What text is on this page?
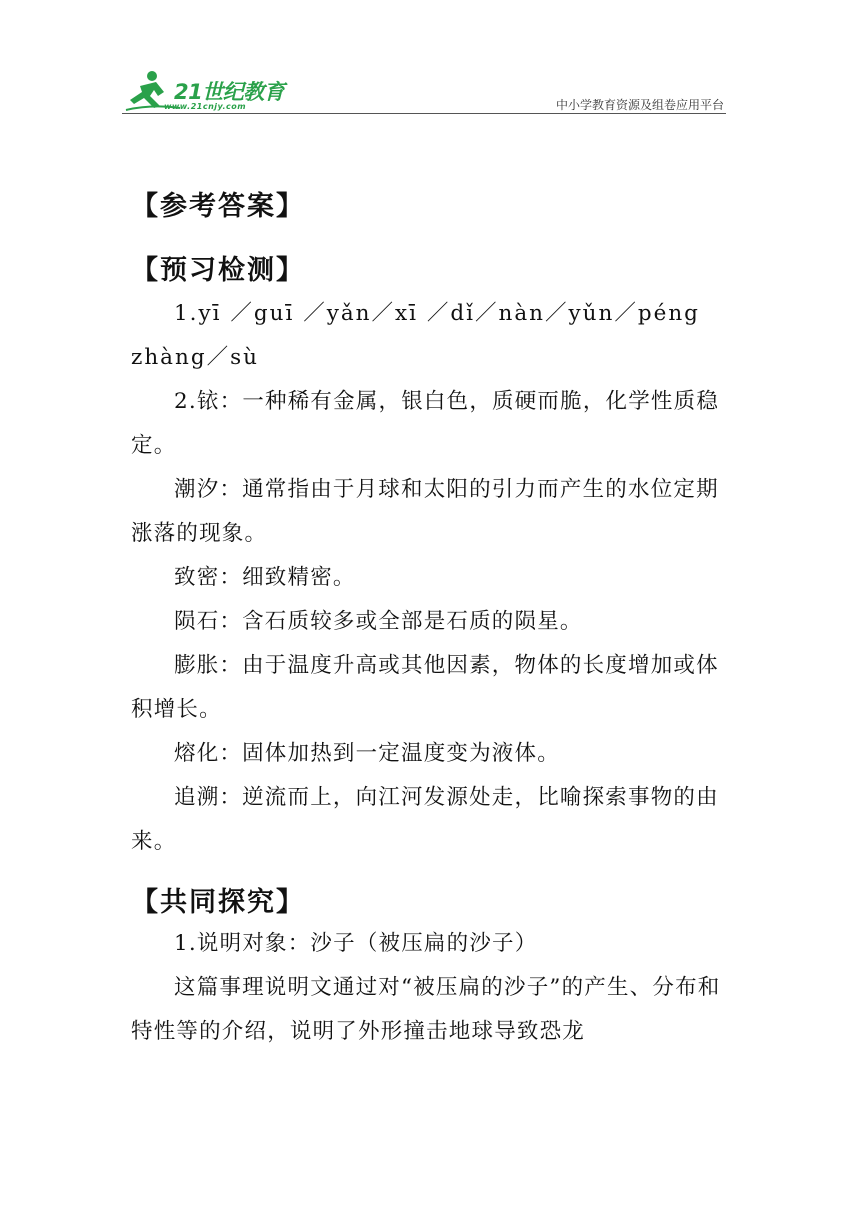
21世纪教育
www.21cnjy.com	中小学教育资源及组卷应用平台
【参考答案】
【预习检测】

1.yī ／guī ／yǎn／xī ／dǐ／nàn／yǔn／péng zhàng／sù

2.铱：一种稀有金属，银白色，质硬而脆，化学性质稳定。

潮汐：通常指由于月球和太阳的引力而产生的水位定期涨落的现象。

致密：细致精密。

陨石：含石质较多或全部是石质的陨星。

膨胀：由于温度升高或其他因素，物体的长度增加或体积增长。

熔化：固体加热到一定温度变为液体。

追溯：逆流而上，向江河发源处走，比喻探索事物的由来。

【共同探究】

1.说明对象：沙子（被压扁的沙子）

这篇事理说明文通过对“被压扁的沙子”的产生、分布和特性等的介绍，说明了外形撞击地球导致恐龙
